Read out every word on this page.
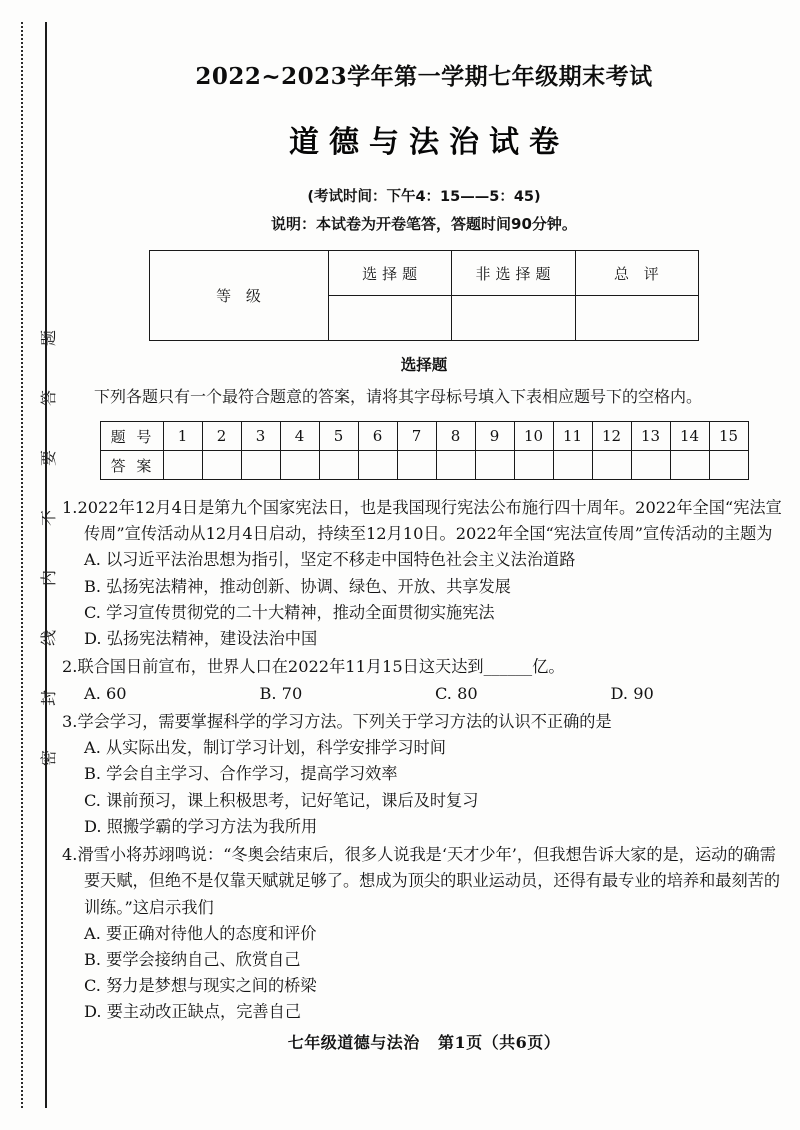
密
封
线
内
不
要
答
题
2022~2023学年第一学期七年级期末考试
道德与法治试卷
(考试时间：下午4：15——5：45)
说明：本试卷为开卷笔答，答题时间90分钟。
等 级	选择题	非选择题	总 评

选择题
下列各题只有一个最符合题意的答案，请将其字母标号填入下表相应题号下的空格内。
题 号	1	2	3	4	5	6	7	8	9	10	11	12	13	14	15
答 案															
1.2022年12月4日是第九个国家宪法日，也是我国现行宪法公布施行四十周年。2022年全国“宪法宣传周”宣传活动从12月4日启动，持续至12月10日。2022年全国“宪法宣传周”宣传活动的主题为
A. 以习近平法治思想为指引，坚定不移走中国特色社会主义法治道路
B. 弘扬宪法精神，推动创新、协调、绿色、开放、共享发展
C. 学习宣传贯彻党的二十大精神，推动全面贯彻实施宪法
D. 弘扬宪法精神，建设法治中国
2.联合国日前宣布，世界人口在2022年11月15日这天达到______亿。
A. 60	B. 70	C. 80	D. 90
3.学会学习，需要掌握科学的学习方法。下列关于学习方法的认识不正确的是
A. 从实际出发，制订学习计划，科学安排学习时间
B. 学会自主学习、合作学习，提高学习效率
C. 课前预习，课上积极思考，记好笔记，课后及时复习
D. 照搬学霸的学习方法为我所用
4.滑雪小将苏翊鸣说：“冬奥会结束后，很多人说我是‘天才少年’，但我想告诉大家的是，运动的确需要天赋，但绝不是仅靠天赋就足够了。想成为顶尖的职业运动员，还得有最专业的培养和最刻苦的训练。”这启示我们
A. 要正确对待他人的态度和评价
B. 要学会接纳自己、欣赏自己
C. 努力是梦想与现实之间的桥梁
D. 要主动改正缺点，完善自己
七年级道德与法治 第1页（共6页）
